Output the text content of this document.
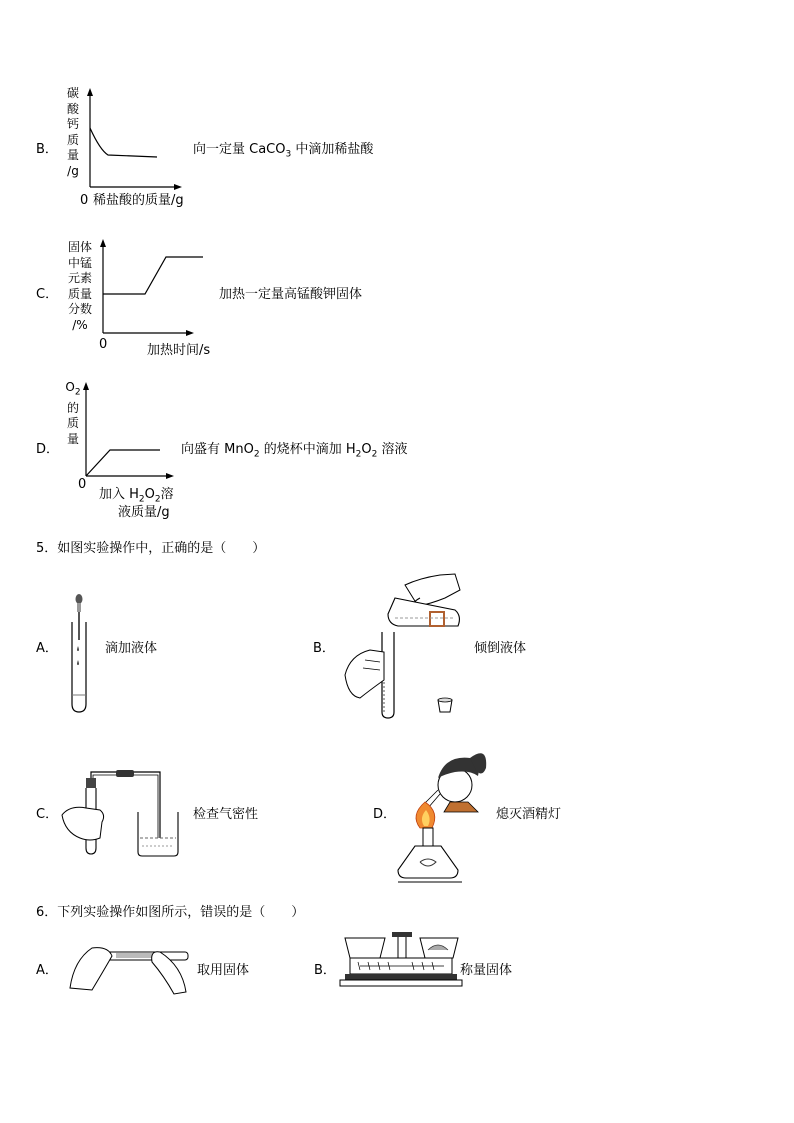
B．
碳
酸
钙
质
量
/g
0 稀盐酸的质量/g
向一定量 CaCO$_3$ 中滴加稀盐酸
C．
固体
中锰
元素
质量
分数
/%
0	加热时间/s
加热一定量高锰酸钾固体
D．
$O_2$
的
质
量
0
加入 $H_2O_2$溶
液质量/g
向盛有 MnO$_2$ 的烧杯中滴加 $H_2O_2$ 溶液
5．如图实验操作中，正确的是（　　）
A．	滴加液体	B．	倾倒液体
C．	检查气密性	D．	熄灭酒精灯
6．下列实验操作如图所示，错误的是（　　）
A．	取用固体	B．	称量固体
